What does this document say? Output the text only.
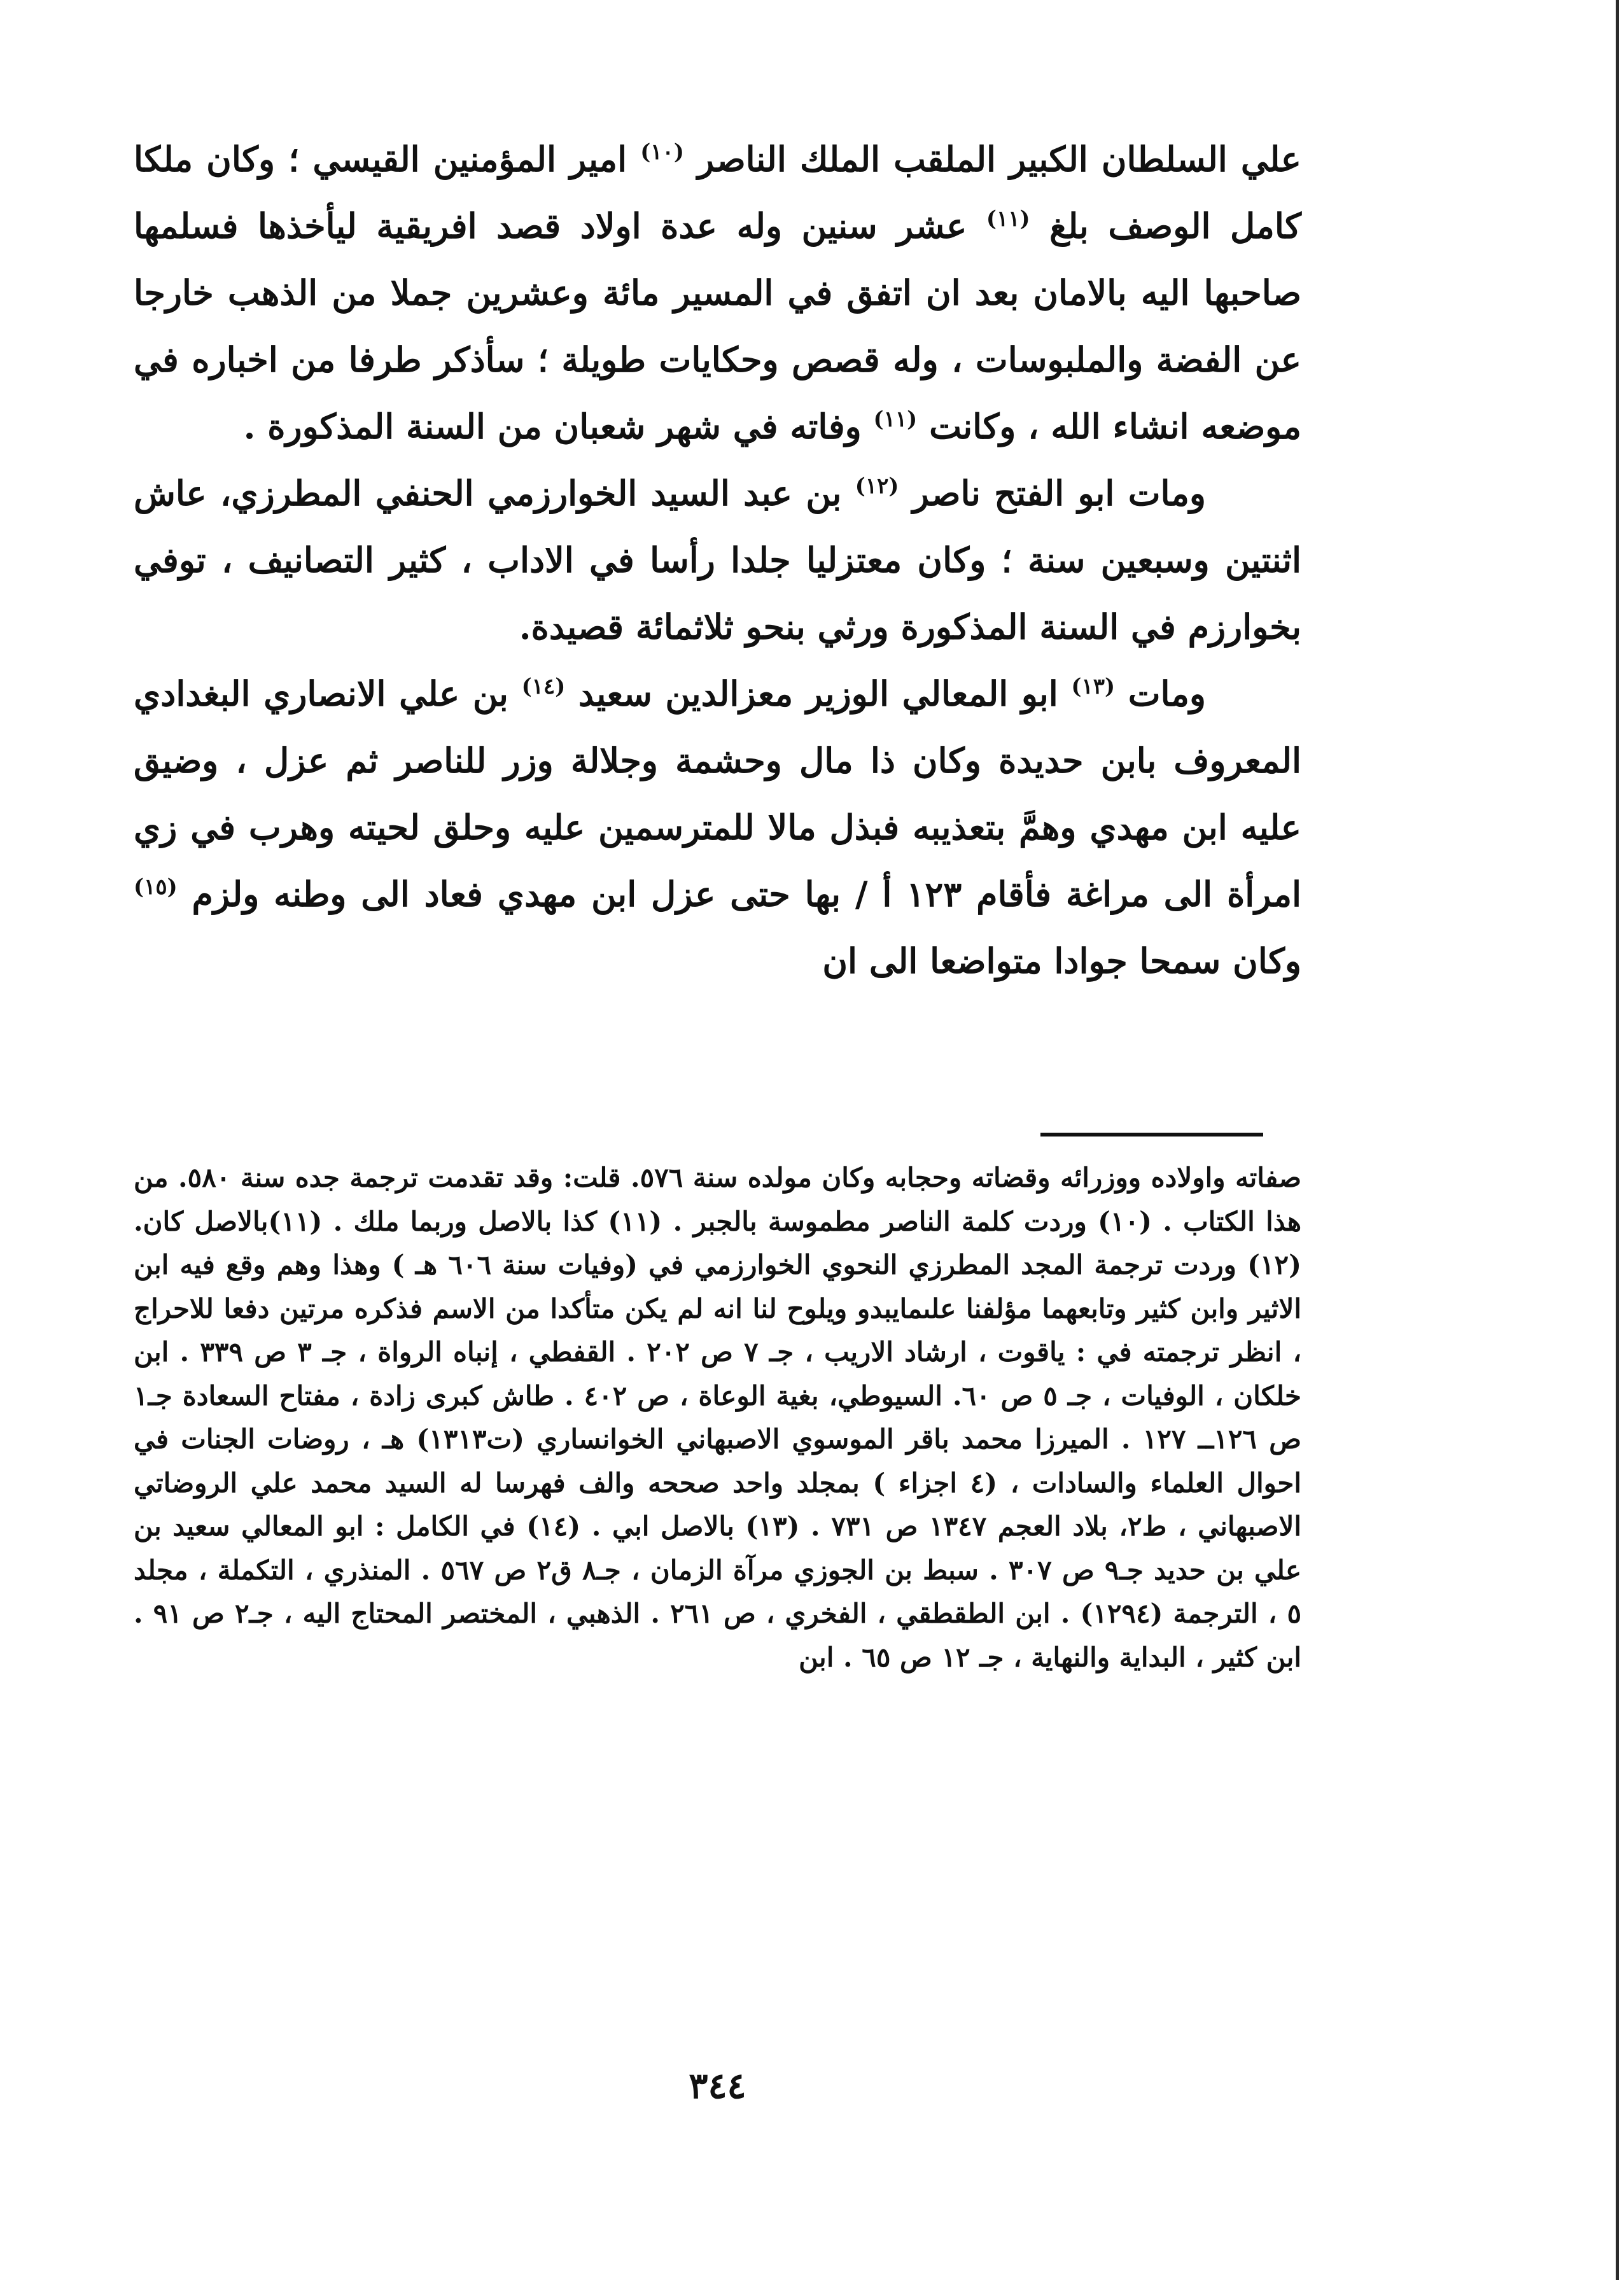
علي السلطان الكبير الملقب الملك الناصر $^{(١٠)}$ امير المؤمنين القيسي ؛ وكان ملكا كامل الوصف بلغ $^{(١١)}$ عشر سنين وله عدة اولاد قصد افريقية ليأخذها فسلمها صاحبها اليه بالامان بعد ان اتفق في المسير مائة وعشرين جملا من الذهب خارجا عن الفضة والملبوسات ، وله قصص وحكايات طويلة ؛ سأذكر طرفا من اخباره في موضعه انشاء الله ، وكانت $^{(١١)}$ وفاته في شهر شعبان من السنة المذكورة .

ومات ابو الفتح ناصر $^{(١٢)}$ بن عبد السيد الخوارزمي الحنفي المطرزي، عاش اثنتين وسبعين سنة ؛ وكان معتزليا جلدا رأسا في الاداب ، كثير التصانيف ، توفي بخوارزم في السنة المذكورة ورثي بنحو ثلاثمائة قصيدة.

ومات $^{(١٣)}$ ابو المعالي الوزير معزالدين سعيد $^{(١٤)}$ بن علي الانصاري البغدادي المعروف بابن حديدة وكان ذا مال وحشمة وجلالة وزر للناصر ثم عزل ، وضيق عليه ابن مهدي وهمَّ بتعذيبه فبذل مالا للمترسمين عليه وحلق لحيته وهرب في زي امرأة الى مراغة فأقام ١٢٣ أ / بها حتى عزل ابن مهدي فعاد الى وطنه ولزم $^{(١٥)}$ وكان سمحا جوادا متواضعا الى ان

صفاته واولاده ووزرائه وقضاته وحجابه وكان مولده سنة ٥٧٦. قلت: وقد تقدمت ترجمة جده سنة ٥٨٠. من هذا الكتاب . (١٠) وردت كلمة الناصر مطموسة بالجبر . (١١) كذا بالاصل وربما ملك . (١١)بالاصل كان. (١٢) وردت ترجمة المجد المطرزي النحوي الخوارزمي في (وفيات سنة ٦٠٦ هـ ) وهذا وهم وقع فيه ابن الاثير وابن كثير وتابعهما مؤلفنا علىمايبدو ويلوح لنا انه لم يكن متأكدا من الاسم فذكره مرتين دفعا للاحراج ، انظر ترجمته في : ياقوت ، ارشاد الاريب ، جـ ٧ ص ٢٠٢ . القفطي ، إنباه الرواة ، جـ ٣ ص ٣٣٩ . ابن خلكان ، الوفيات ، جـ ٥ ص ٦٠. السيوطي، بغية الوعاة ، ص ٤٠٢ . طاش كبرى زادة ، مفتاح السعادة جـ١ ص ١٢٦ــ ١٢٧ . الميرزا محمد باقر الموسوي الاصبهاني الخوانساري (ت١٣١٣) هـ ، روضات الجنات في احوال العلماء والسادات ، (٤ اجزاء ) بمجلد واحد صححه والف فهرسا له السيد محمد علي الروضاتي الاصبهاني ، ط٢، بلاد العجم ١٣٤٧ ص ٧٣١ . (١٣) بالاصل ابي . (١٤) في الكامل : ابو المعالي سعيد بن علي بن حديد جـ٩ ص ٣٠٧ . سبط بن الجوزي مرآة الزمان ، جـ٨ ق٢ ص ٥٦٧ . المنذري ، التكملة ، مجلد ٥ ، الترجمة (١٢٩٤) . ابن الطقطقي ، الفخري ، ص ٢٦١ . الذهبي ، المختصر المحتاج اليه ، جـ٢ ص ٩١ . ابن كثير ، البداية والنهاية ، جـ ١٢ ص ٦٥ . ابن

٣٤٤
